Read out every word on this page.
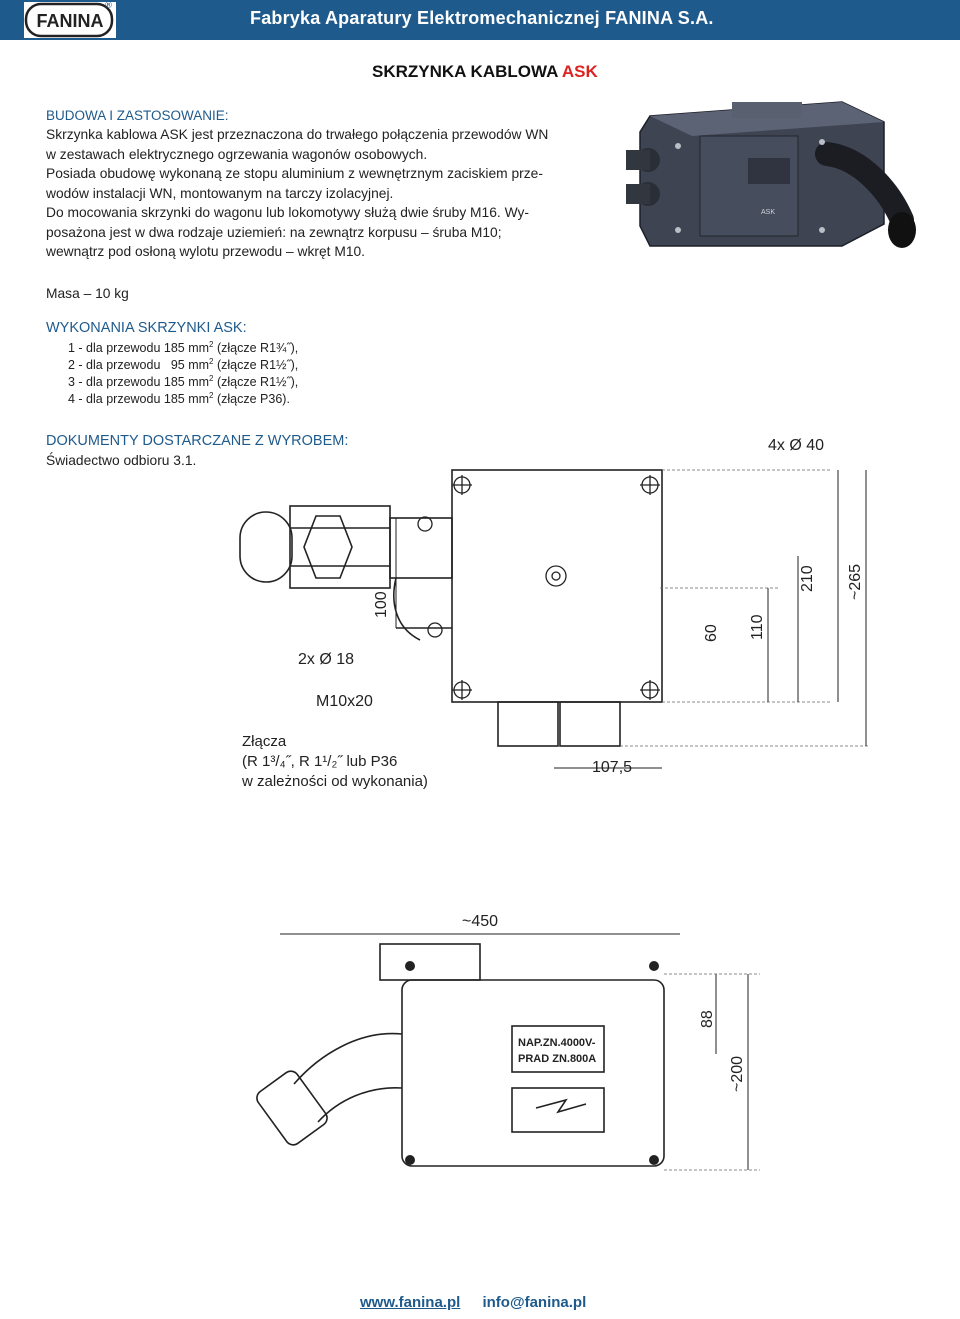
FANINA
®
Fabryka Aparatury Elektromechanicznej FANINA S.A.
SKRZYNKA KABLOWA ASK
BUDOWA I ZASTOSOWANIE:
Skrzynka kablowa ASK jest przeznaczona do trwałego połączenia przewodów WN
w zestawach elektrycznego ogrzewania wagonów osobowych.
Posiada obudowę wykonaną ze stopu aluminium z wewnętrznym zaciskiem prze-
wodów instalacji WN, montowanym na tarczy izolacyjnej.
Do mocowania skrzynki do wagonu lub lokomotywy służą dwie śruby M16. Wy-
posażona jest w dwa rodzaje uziemień: na zewnątrz korpusu – śruba M10;
wewnątrz pod osłoną wylotu przewodu – wkręt M10.
ASK
Masa – 10 kg
WYKONANIA SKRZYNKI ASK:
1 - dla przewodu 185 $mm^2$ (złącze R1¾˝),
2 - dla przewodu   95 $mm^2$ (złącze R1½˝),
3 - dla przewodu 185 $mm^2$ (złącze R1½˝),
4 - dla przewodu 185 $mm^2$ (złącze P36).
DOKUMENTY DOSTARCZANE Z WYROBEM:
Świadectwo odbioru 3.1.
4x Ø 40
2x Ø 18
M10x20
107,5
100
60 110
210 ~265
Złącza
(R 1³/₄˝, R 1¹/₂˝ lub P36
w zależności od wykonania)
~450
88
~200
NAP.ZN.4000V-
PRAD ZN.800A
www.fanina.pl info@fanina.pl
